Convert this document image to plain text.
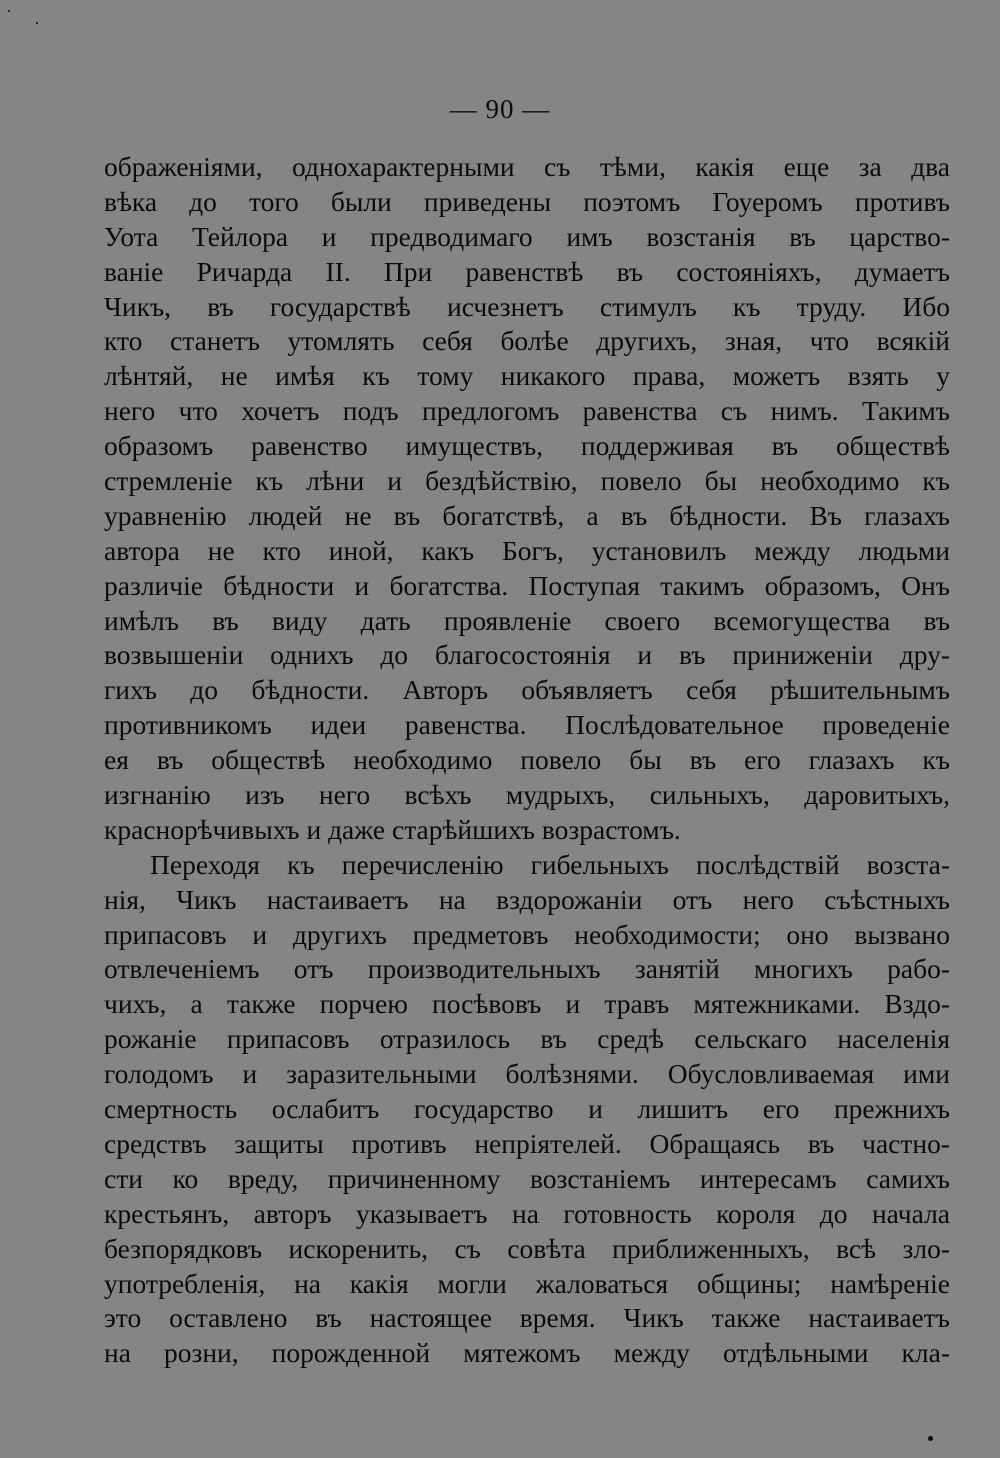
— 90 —
ображеніями, однохарактерными съ тѣми, какія еще за два
вѣка до того были приведены поэтомъ Гоуеромъ противъ
Уота Тейлора и предводимаго имъ возстанія въ царство-
ваніе Ричарда II. При равенствѣ въ состояніяхъ, думаетъ
Чикъ, въ государствѣ исчезнетъ стимулъ къ труду. Ибо
кто станетъ утомлять себя болѣе другихъ, зная, что всякій
лѣнтяй, не имѣя къ тому никакого права, можетъ взять у
него что хочетъ подъ предлогомъ равенства съ нимъ. Такимъ
образомъ равенство имуществъ, поддерживая въ обществѣ
стремленіе къ лѣни и бездѣйствію, повело бы необходимо къ
уравненію людей не въ богатствѣ, а въ бѣдности. Въ глазахъ
автора не кто иной, какъ Богъ, установилъ между людьми
различіе бѣдности и богатства. Поступая такимъ образомъ, Онъ
имѣлъ въ виду дать проявленіе своего всемогущества въ
возвышеніи однихъ до благосостоянія и въ приниженіи дру-
гихъ до бѣдности. Авторъ объявляетъ себя рѣшительнымъ
противникомъ идеи равенства. Послѣдовательное проведеніе
ея въ обществѣ необходимо повело бы въ его глазахъ къ
изгнанію изъ него всѣхъ мудрыхъ, сильныхъ, даровитыхъ,
краснорѣчивыхъ и даже старѣйшихъ возрастомъ.
Переходя къ перечисленію гибельныхъ послѣдствій возста-
нія, Чикъ настаиваетъ на вздорожаніи отъ него съѣстныхъ
припасовъ и другихъ предметовъ необходимости; оно вызвано
отвлеченіемъ отъ производительныхъ занятій многихъ рабо-
чихъ, а также порчею посѣвовъ и травъ мятежниками. Вздо-
рожаніе припасовъ отразилось въ средѣ сельскаго населенія
голодомъ и заразительными болѣзнями. Обусловливаемая ими
смертность ослабитъ государство и лишитъ его прежнихъ
средствъ защиты противъ непріятелей. Обращаясь въ частно-
сти ко вреду, причиненному возстаніемъ интересамъ самихъ
крестьянъ, авторъ указываетъ на готовность короля до начала
безпорядковъ искоренить, съ совѣта приближенныхъ, всѣ зло-
употребленія, на какія могли жаловаться общины; намѣреніе
это оставлено въ настоящее время. Чикъ также настаиваетъ
на розни, порожденной мятежомъ между отдѣльными кла-
